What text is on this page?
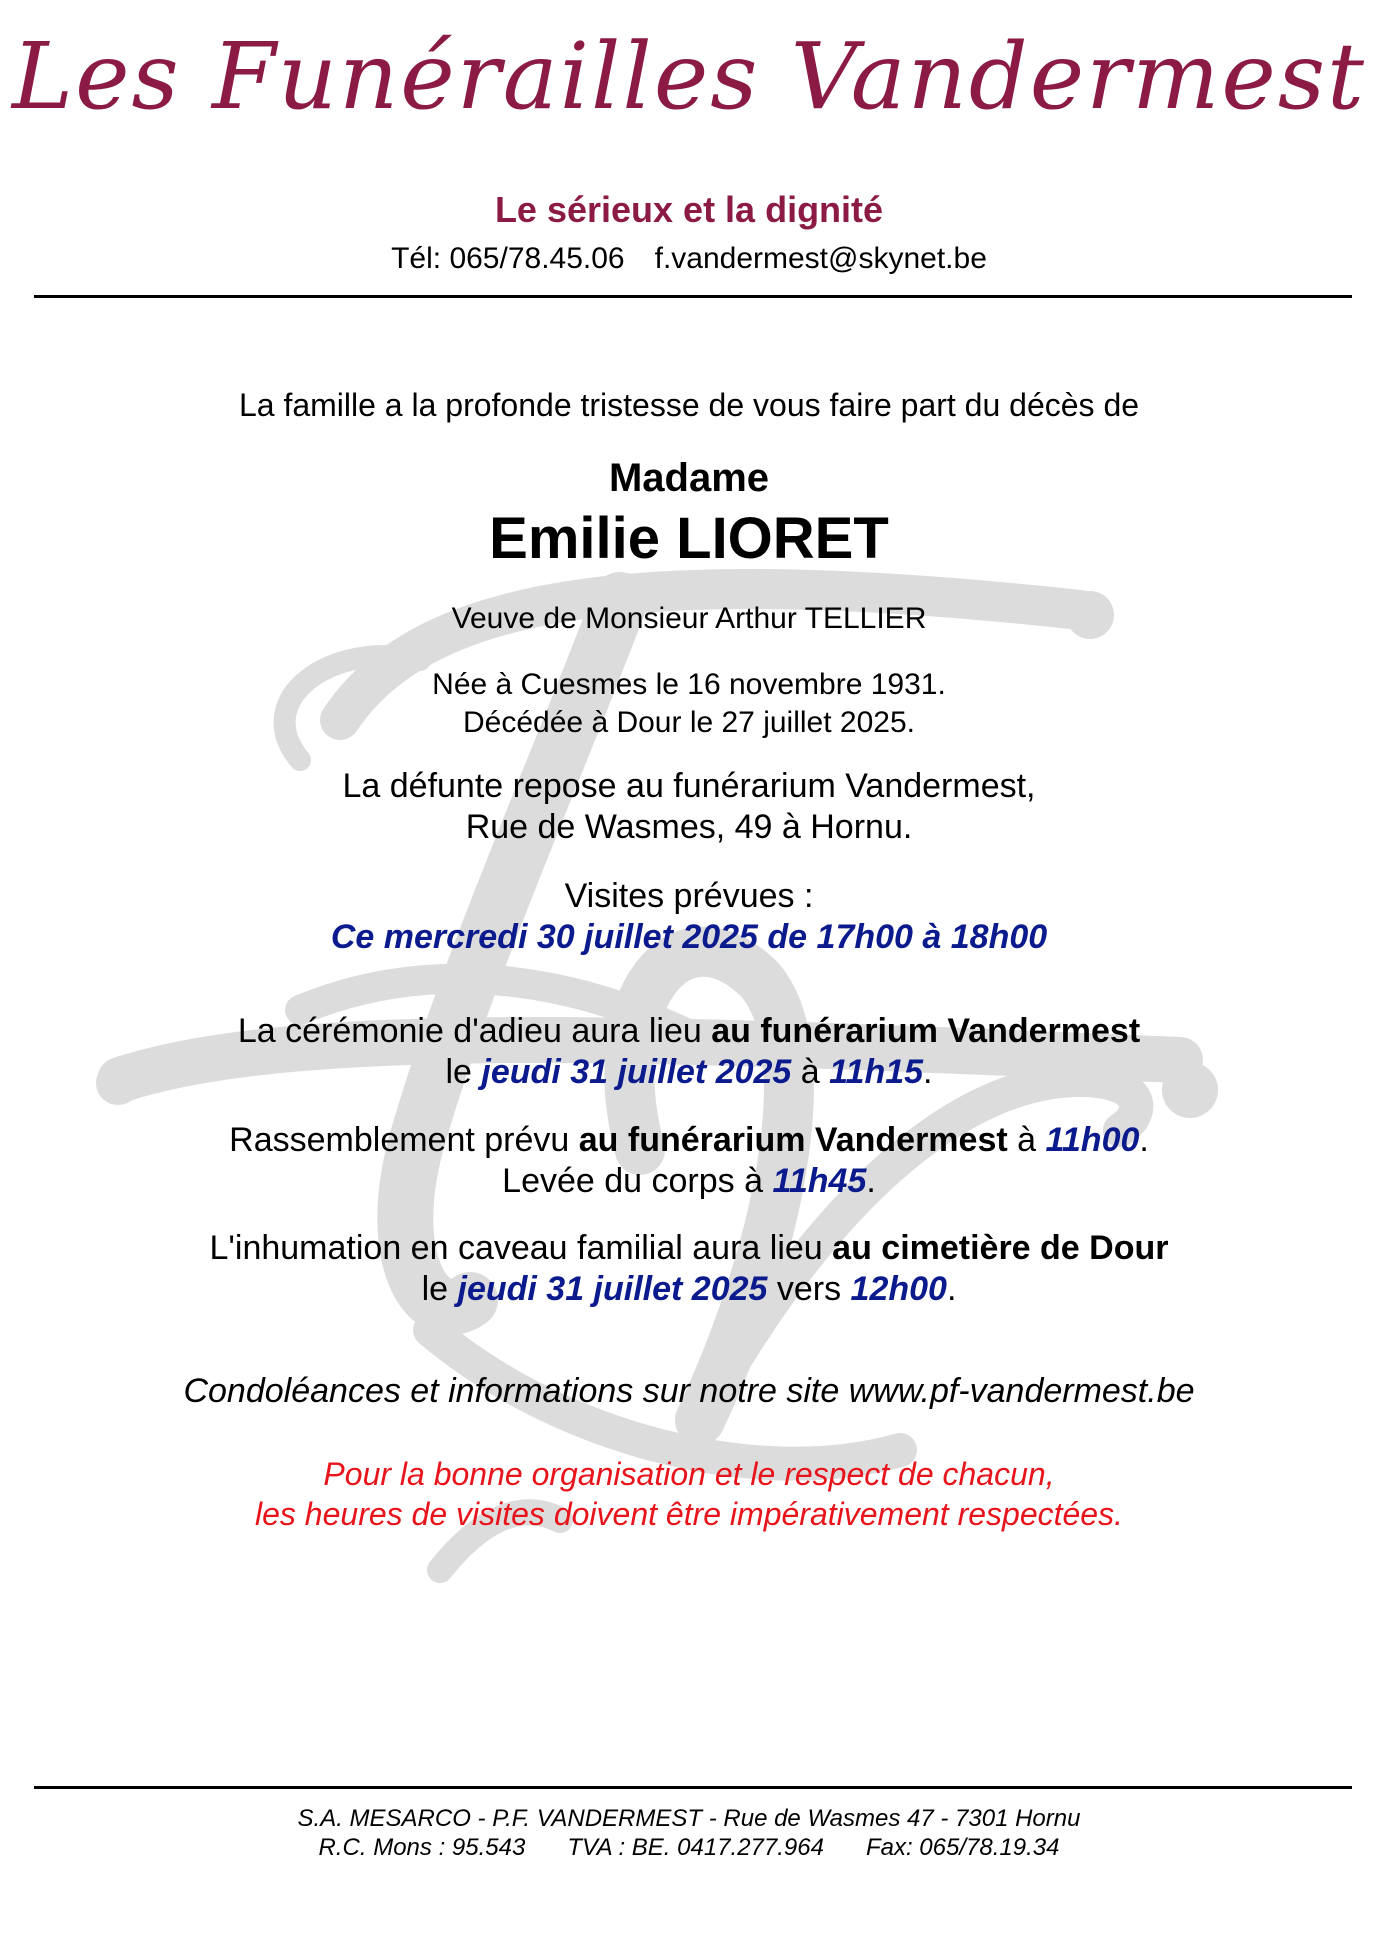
Les Funérailles Vandermest
Le sérieux et la dignité
Tél: 065/78.45.06 f.vandermest@skynet.be
La famille a la profonde tristesse de vous faire part du décès de
Madame
Emilie LIORET
Veuve de Monsieur Arthur TELLIER
Née à Cuesmes le 16 novembre 1931.
Décédée à Dour le 27 juillet 2025.
La défunte repose au funérarium Vandermest,
Rue de Wasmes, 49 à Hornu.
Visites prévues :
Ce mercredi 30 juillet 2025 de 17h00 à 18h00
La cérémonie d'adieu aura lieu au funérarium Vandermest
le jeudi 31 juillet 2025 à 11h15.
Rassemblement prévu au funérarium Vandermest à 11h00.
Levée du corps à 11h45.
L'inhumation en caveau familial aura lieu au cimetière de Dour
le jeudi 31 juillet 2025 vers 12h00.
Condoléances et informations sur notre site www.pf-vandermest.be
Pour la bonne organisation et le respect de chacun,
les heures de visites doivent être impérativement respectées.
S.A. MESARCO - P.F. VANDERMEST - Rue de Wasmes 47 - 7301 Hornu
R.C. Mons : 95.543 TVA : BE. 0417.277.964 Fax: 065/78.19.34
